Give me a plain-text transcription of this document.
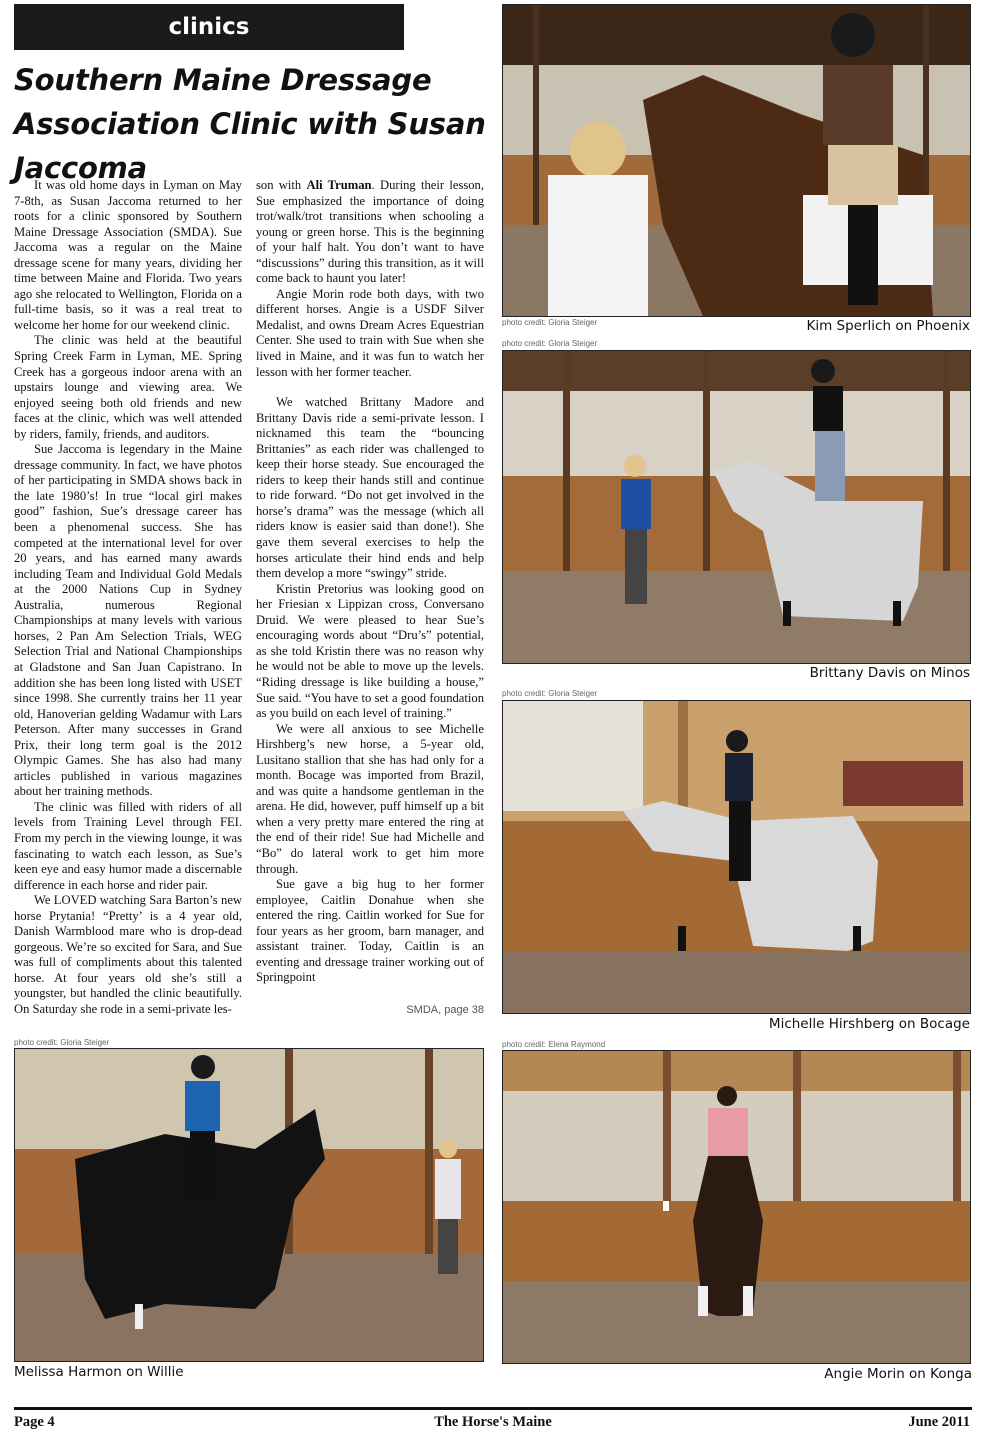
clinics
Southern Maine Dressage Association Clinic with Susan Jaccoma

It was old home days in Lyman on May 7-8th, as Susan Jaccoma returned to her roots for a clinic sponsored by Southern Maine Dressage Association (SMDA). Sue Jaccoma was a regular on the Maine dressage scene for many years, dividing her time between Maine and Florida. Two years ago she relocated to Wellington, Florida on a full-time basis, so it was a real treat to welcome her home for our weekend clinic.

The clinic was held at the beautiful Spring Creek Farm in Lyman, ME. Spring Creek has a gorgeous indoor arena with an upstairs lounge and viewing area. We enjoyed seeing both old friends and new faces at the clinic, which was well attended by riders, family, friends, and auditors.

Sue Jaccoma is legendary in the Maine dressage community. In fact, we have photos of her participating in SMDA shows back in the late 1980’s! In true “local girl makes good” fashion, Sue’s dressage career has been a phenomenal success. She has competed at the international level for over 20 years, and has earned many awards including Team and Individual Gold Medals at the 2000 Nations Cup in Sydney Australia, numerous Regional Championships at many levels with various horses, 2 Pan Am Selection Trials, WEG Selection Trial and National Championships at Gladstone and San Juan Capistrano. In addition she has been long listed with USET since 1998. She currently trains her 11 year old, Hanoverian gelding Wadamur with Lars Peterson. After many successes in Grand Prix, their long term goal is the 2012 Olympic Games. She has also had many articles published in various magazines about her training methods.

The clinic was filled with riders of all levels from Training Level through FEI. From my perch in the viewing lounge, it was fascinating to watch each lesson, as Sue’s keen eye and easy humor made a discernable difference in each horse and rider pair.

We LOVED watching Sara Barton’s new horse Prytania! “Pretty’ is a 4 year old, Danish Warmblood mare who is drop-dead gorgeous. We’re so excited for Sara, and Sue was full of compliments about this talented horse. At four years old she’s still a youngster, but handled the clinic beautifully. On Saturday she rode in a semi-private les-

son with Ali Truman. During their lesson, Sue emphasized the importance of doing trot/walk/trot transitions when schooling a young or green horse. This is the beginning of your half halt. You don’t want to have “discussions” during this transition, as it will come back to haunt you later!

Angie Morin rode both days, with two different horses. Angie is a USDF Silver Medalist, and owns Dream Acres Equestrian Center. She used to train with Sue when she lived in Maine, and it was fun to watch her lesson with her former teacher.

We watched Brittany Madore and Brittany Davis ride a semi-private lesson. I nicknamed this team the “bouncing Brittanies” as each rider was challenged to keep their horse steady. Sue encouraged the riders to keep their hands still and continue to ride forward. “Do not get involved in the horse’s drama” was the message (which all riders know is easier said than done!). She gave them several exercises to help the horses articulate their hind ends and help them develop a more “swingy” stride.

Kristin Pretorius was looking good on her Friesian x Lippizan cross, Conversano Druid. We were pleased to hear Sue’s encouraging words about “Dru’s” potential, as she told Kristin there was no reason why he would not be able to move up the levels. “Riding dressage is like building a house,” Sue said. “You have to set a good foundation as you build on each level of training.”

We were all anxious to see Michelle Hirshberg’s new horse, a 5-year old, Lusitano stallion that she has had only for a month. Bocage was imported from Brazil, and was quite a handsome gentleman in the arena. He did, however, puff himself up a bit when a very pretty mare entered the ring at the end of their ride! Sue had Michelle and “Bo” do lateral work to get him more through.

Sue gave a big hug to her former employee, Caitlin Donahue when she entered the ring. Caitlin worked for Sue for four years as her groom, barn manager, and assistant trainer. Today, Caitlin is an eventing and dressage trainer working out of Springpoint

SMDA, page 38
photo credit: Gloria Steiger	Kim Sperlich on Phoenix
photo credit: Gloria Steiger
Brittany Davis on Minos
photo credit: Gloria Steiger
Michelle Hirshberg on Bocage
photo credit: Gloria Steiger
Melissa Harmon on Willie
photo credit: Elena Raymond
Angie Morin on Konga
Page 4	The Horse's Maine	June 2011
